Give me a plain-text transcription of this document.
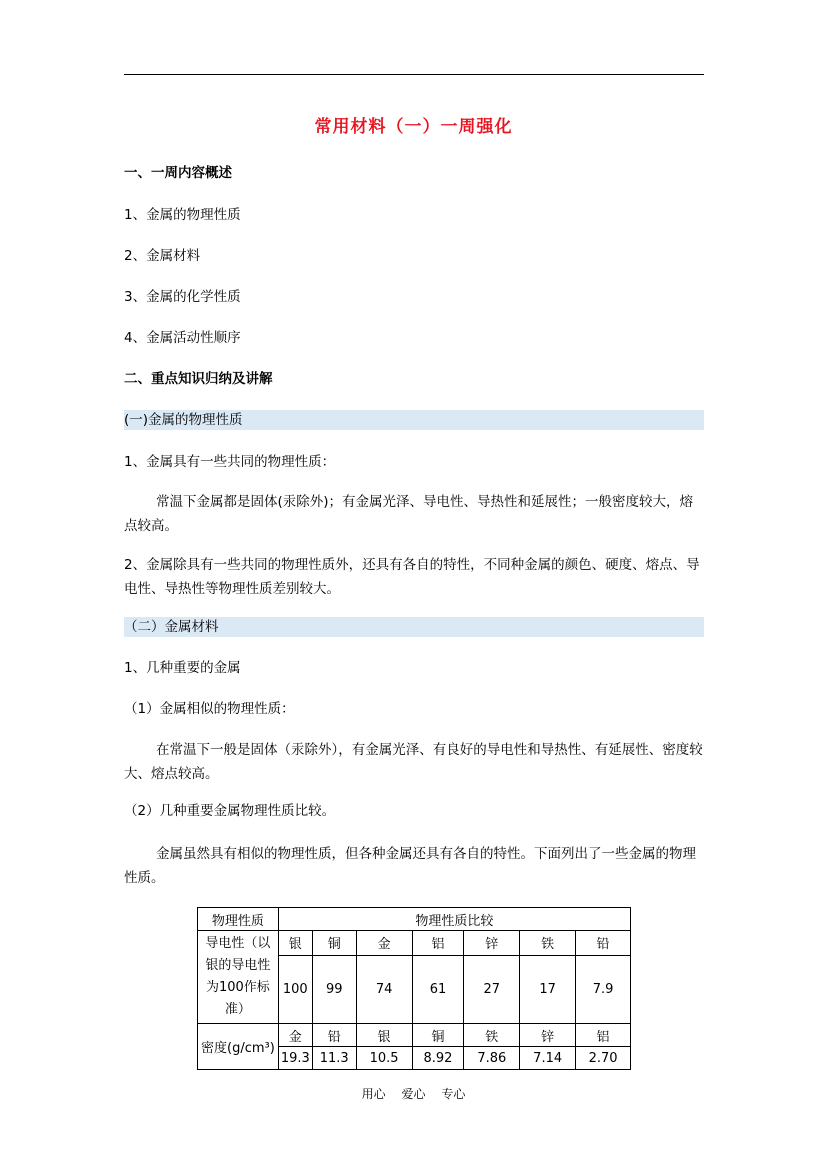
常用材料（一）一周强化
一、一周内容概述
1、金属的物理性质
2、金属材料
3、金属的化学性质
4、金属活动性顺序
二、重点知识归纳及讲解
(一)金属的物理性质
1、金属具有一些共同的物理性质：
常温下金属都是固体(汞除外)；有金属光泽、导电性、导热性和延展性；一般密度较大，熔点较高。
2、金属除具有一些共同的物理性质外，还具有各自的特性，不同种金属的颜色、硬度、熔点、导电性、导热性等物理性质差别较大。
（二）金属材料
1、几种重要的金属
（1）金属相似的物理性质：
在常温下一般是固体（汞除外），有金属光泽、有良好的导电性和导热性、有延展性、密度较大、熔点较高。
（2）几种重要金属物理性质比较。
金属虽然具有相似的物理性质，但各种金属还具有各自的特性。下面列出了一些金属的物理性质。
物理性质	物理性质比较						
导电性（以银的导电性为100作标准）	银	铜	金	铝	锌	铁	铅
	100	99	74	61	27	17	7.9
密度(g/cm³)	金	铅	银	铜	铁	锌	铝
	19.3	11.3	10.5	8.92	7.86	7.14	2.70
用心 爱心 专心
